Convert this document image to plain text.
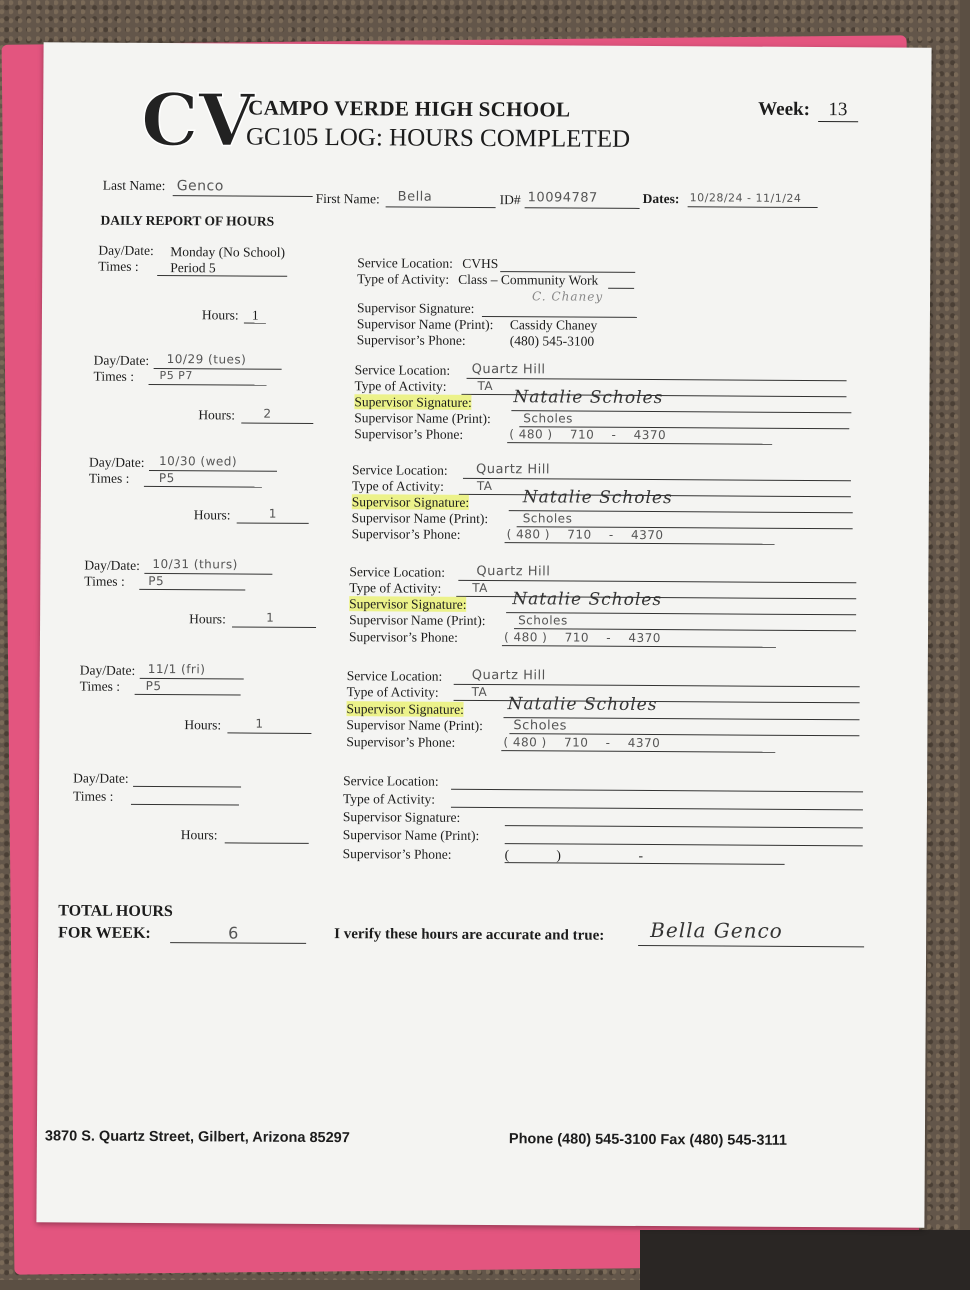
CV
CAMPO VERDE HIGH SCHOOL
GC105 LOG: HOURS COMPLETED
Week: 13
Last Name: Genco
First Name: Bella	ID# 10094787	Dates: 10/28/24 - 11/1/24
DAILY REPORT OF HOURS
Day/Date: Monday (No School)
Times : Period 5
Hours: 1
Service Location: CVHS
Type of Activity: Class – Community Work
Supervisor Signature:
C. Chaney
Supervisor Name (Print): Cassidy Chaney
Supervisor’s Phone:	(480) 545-3100
Day/Date: 10/29 (tues)
Times : P5 P7
Hours: 2
Service Location: Quartz Hill
Type of Activity:	TA
Supervisor Signature: Natalie Scholes
Supervisor Name (Print):	Scholes
Supervisor’s Phone:	( 480 )    710    -    4370
Day/Date: 10/30 (wed)
Times : P5
Hours:	1
Service Location: Quartz Hill
Type of Activity:	TA
Supervisor Signature:	Natalie Scholes
Supervisor Name (Print):	Scholes
Supervisor’s Phone:	( 480 )    710    -    4370
Day/Date: 10/31 (thurs)
Times : P5
Hours:	1
Service Location: Quartz Hill
Type of Activity:	TA
Supervisor Signature:	Natalie Scholes
Supervisor Name (Print):	Scholes
Supervisor’s Phone:	( 480 )    710    -    4370
Day/Date: 11/1 (fri)
Times : P5
Hours:	1
Service Location: Quartz Hill
Type of Activity:	TA
Supervisor Signature:	Natalie Scholes
Supervisor Name (Print): Scholes
Supervisor’s Phone:	( 480 )    710    -    4370
Day/Date:
Times :
Hours:
Service Location:
Type of Activity:
Supervisor Signature:
Supervisor Name (Print):
Supervisor’s Phone:	(              )                       -
TOTAL HOURS
FOR WEEK:	6	I verify these hours are accurate and true: Bella Genco
3870 S. Quartz Street, Gilbert, Arizona 85297	Phone (480) 545-3100 Fax (480) 545-3111
